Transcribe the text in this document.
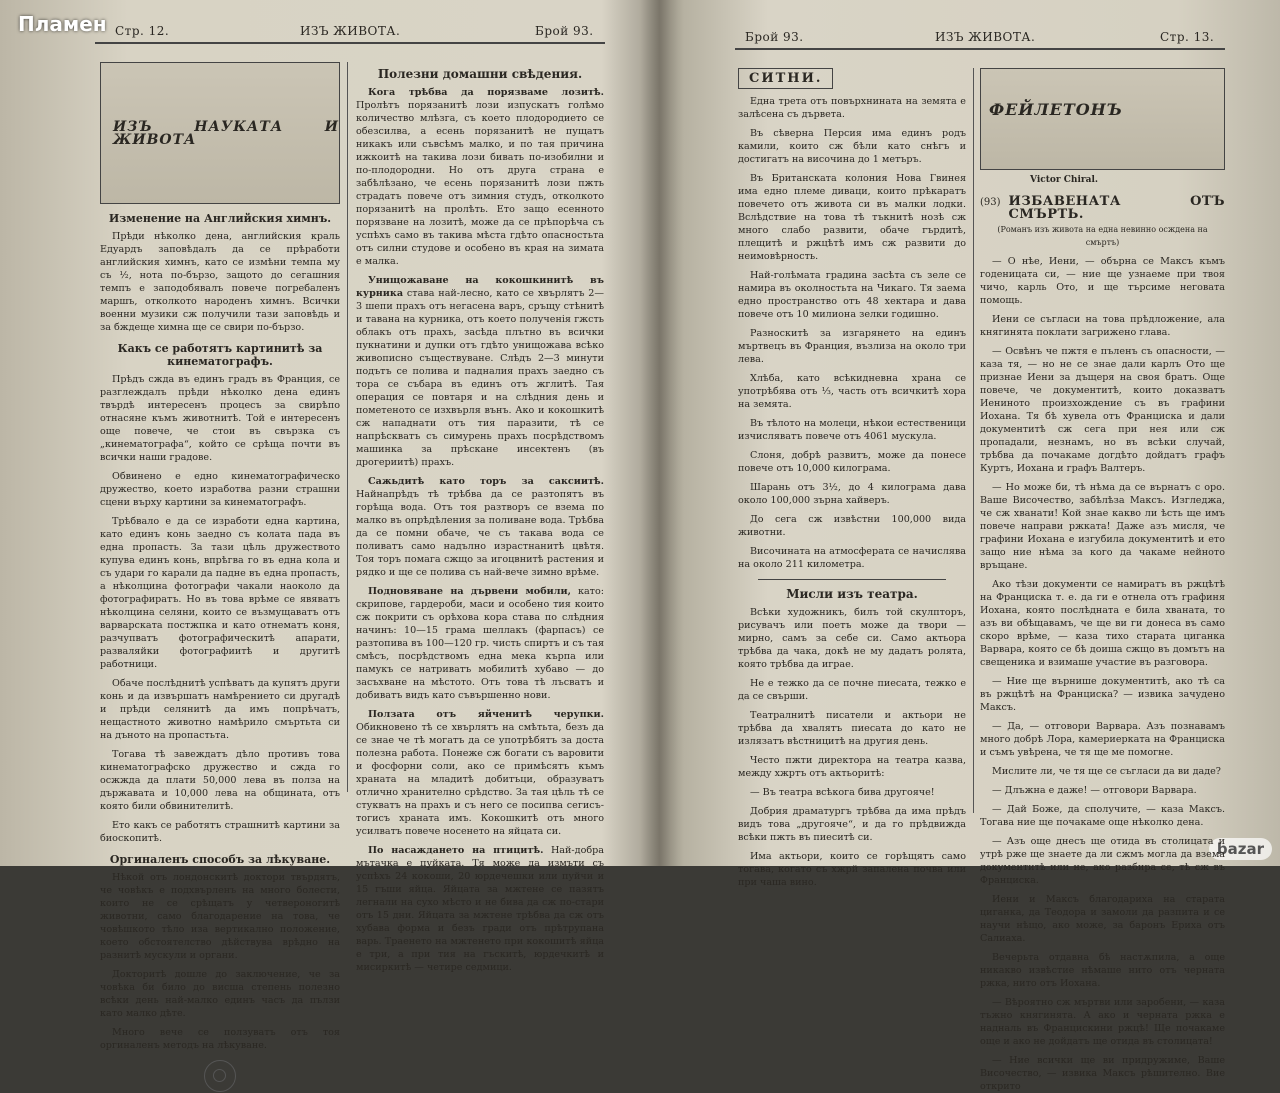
Пламен
bazar
Стр. 12.	ИЗЪ ЖИВОТА.	Брой 93.	Брой 93.	ИЗЪ ЖИВОТА.	Стр. 13.
ИЗЪ НАУКАТА И ЖИВОТА
Изменение на Английския химнъ.

Прѣди нѣколко дена, английския краль Едуардъ заповѣдалъ да се прѣработи английския химнъ, като се измѣни темпа му съ ½, нота по-бързо, защото до сегашния темпъ е заподобявалъ повече погребаленъ маршъ, отколкото народенъ химнъ. Всички военни музики сж получили тази заповѣдь и за бждеще химна ще се свири по-бързо.

Какъ се работятъ картинитѣ за кинематографъ.

Прѣдъ сжда въ единъ градъ въ Франция, се разглеждалъ прѣди нѣколко дена единъ твърдѣ интересенъ процесъ за свирѣпо отнасяне къмъ животнитѣ. Той е интересенъ още повече, че стои въ свързка съ „кинематографа“, който се срѣща почти въ всички наши градове.

Обвинено е едно кинематографическо дружество, което изработва разни страшни сцени върху картини за кинематографъ.

Трѣбвало е да се изработи една картина, като единъ конь заедно съ колата пада въ една пропасть. За тази цѣль дружеството купува единъ конь, впрѣгва го въ една кола и съ удари го карали да падне въ една пропасть, а нѣколцина фотографи чакали наоколо да фотографиратъ. Но въ това врѣме се явяватъ нѣколцина селяни, които се възмущаватъ отъ варварската постжпка и като отнематъ коня, разчупватъ фотографическитѣ апарати, разваляйки фотографиитѣ и другитѣ работници.

Обаче послѣднитѣ успѣватъ да купятъ други конь и да извършатъ намѣрението си другадѣ и прѣди селянитѣ да имъ попрѣчатъ, нещастното животно намѣрило смъртьта си на дъното на пропастьта.

Тогава тѣ завеждатъ дѣло противъ това кинематографско дружество и сжда го осжжда да плати 50,000 лева въ полза на държавата и 10,000 лева на общината, отъ която били обвинителитѣ.

Ето какъ се работятъ страшнитѣ картини за биоскопитѣ.

Оргиналенъ способъ за лѣкуване.

Нѣкой отъ лондонскитѣ доктори твърдятъ, че човѣкъ е подхвърленъ на много болести, които не се срѣщатъ у четвероногитѣ животни, само благодарение на това, че човѣшкото тѣло иза вертикално положение, което обстоятелство дѣйствува врѣдно на разнитѣ мускули и органи.

Докторитѣ дошле до заключение, че за човѣка би било до висша степень полезно всѣки день най-малко единъ часъ да пълзи като малко дѣте.

Много вече се ползуватъ отъ тоя оргиналенъ методъ на лѣкуване.

Полезни домашни свѣдения.

Кога трѣбва да порязваме лозитѣ. Пролѣтъ порязанитѣ лози изпускатъ голѣмо количество млѣзга, съ което плодородието се обезсилва, а есень порязанитѣ не пущатъ никакъ или съвсѣмъ малко, и по тая причина ижкоитѣ на такива лози бивать по-изобилни и по-плодородни. Но отъ друга страна е забѣлѣзано, че есень порязанитѣ лози пжть страдатъ повече отъ зимния студъ, отколкото порязанитѣ на пролѣть. Ето защо есенното порязване на лозитѣ, може да се прѣпорѣча съ успѣхъ само въ такива мѣста гдѣто опасностьта отъ силни студове и особено въ края на зимата е малка.

Унищожаване на кокошкинитѣ въ курника става най-лесно, като се хвърлятъ 2—3 шепи прахъ отъ негасена варъ, сръщу стѣнитѣ и тавана на курника, отъ което полученія гжсть облакъ отъ прахъ, засѣда плътно въ всички пукнатини и дупки отъ гдѣто унищожава всѣко живописно съществуване. Слѣдъ 2—3 минути подътъ се полива и падналия прахъ заедно съ тора се събара въ единъ отъ жглитѣ. Тая операция се повтаря и на слѣдния день и пометеното се изхвърля вънъ. Ако и кокошкитѣ сж нападнати отъ тия паразити, тѣ се напрѣскватъ съ симурень прахъ посрѣдствомъ машинка за прѣскане инсектенъ (въ дрогериитѣ) прахъ.

Сажьдитѣ като торъ за саксиитѣ. Найнапрѣдъ тѣ трѣбва да се разтопятъ въ горѣща вода. Отъ тоя разтворъ се взема по малко въ опрѣдѣления за поливане вода. Трѣбва да се помни обаче, че съ такава вода се поливатъ само надълно израстнанитѣ цвѣтя. Тоя торъ помага сжщо за игоцвнитѣ растения и рядко и ще се полива съ най-вече зимно врѣме.

Подновяване на дървени мобили, като: скрипове, гардероби, маси и особено тия които сж покрити съ орѣхова кора става по слѣдния начинъ: 10—15 грама шеллакъ (фарпасъ) се разтопива въ 100—120 гр. чисть спиртъ и съ тая смѣсъ, посрѣдствомъ една мека кърпа или памукъ се натриватъ мобилитѣ хубаво — до засъхване на мѣстото. Отъ това тѣ лъсватъ и добиватъ видъ като съвършенно нови.

Ползата отъ яйченитѣ черупки. Обикновено тѣ се хвърлятъ на смѣтьта, безъ да се знае че тѣ могатъ да се употрѣбятъ за доста полезна работа. Понеже сж богати съ варовити и фосфорни соли, ако се примѣсятъ къмъ храната на младитѣ добитъци, образуватъ отлично хранително срѣдство. За тая цѣль тѣ се стукватъ на прахъ и съ него се посипва сегисъ-тогисъ храната имъ. Кокошкитѣ отъ много усилватъ повече носенето на яйцата си.

По насаждането на птицитѣ. Най-добра мътачка е пуйката. Тя може да измъти съ успѣхъ 24 кокоши, 20 юрдечешки или пуйчи и 15 гъши яйца. Яйцата за мжтене се пазятъ легнали на сухо мѣсто и не бива да сж по-стари отъ 15 дни. Яйцата за мжтене трѣбва да сж отъ хубава форма и безъ гради отъ прѣтрупана варь. Траенето на мжтенето при кокошитѣ яйца е три, а при тия на гъскитѣ, юрдечкитѣ и мисиркитѣ — четире седмици.

СИТНИ.

Една трета отъ повърхнината на земята е залѣсена съ дървета.

Въ сѣверна Персия има единъ родъ камили, които сж бѣли като снѣгъ и достигатъ на височина до 1 метъръ.

Въ Британската колония Нова Гвинея има едно племе диваци, които прѣкаратъ повечето отъ живота си въ малки лодки. Вслѣдствие на това тѣ тъкнитѣ нозѣ сж много слабо развити, обаче гърдитѣ, плещитѣ и ржцѣтѣ имъ сж развити до неимовѣрность.

Най-голѣмата градина засѣта съ зеле се намира въ околностьта на Чикаго. Тя заема едно пространство отъ 48 хектара и дава повече отъ 10 милиона зелки годишно.

Разноскитѣ за изгарянето на единъ мъртвецъ въ Франция, възлиза на около три лева.

Хлѣба, като всѣкидневна храна се употрѣбява отъ ⅓, часть отъ всичкитѣ хора на земята.

Въ тѣлото на молеци, нѣкои естественици изчисляватъ повече отъ 4061 мускула.

Слоня, добрѣ развитъ, може да понесе повече отъ 10,000 килограма.

Шарань отъ 3½, до 4 килограма дава около 100,000 зърна хайверъ.

До сега сж извѣстни 100,000 вида животни.

Височината на атмосферата се начислява на около 211 километра.

Мисли изъ театра.

Всѣки художникъ, билъ той скулпторъ, рисувачъ или поетъ може да твори — мирно, самъ за себе си. Само актьора трѣбва да чака, докѣ не му дадатъ ролята, която трѣбва да игрaе.

Не е тежко да се почне пиесата, тежко е да се свърши.

Театралнитѣ писатели и актьори не трѣбва да хвалятъ пиесата до като не излязатъ вѣстницитѣ на другия день.

Често пжти директора на театра казва, между хжртъ отъ актьоритѣ:

— Въ театра всѣкога бива другояче!

Добрия драматургъ трѣбва да има прѣдъ видъ това „другояче“, и да го прѣдвижда всѣки пжть въ пиеситѣ си.

Има актьори, които се горѣщятъ само тогава, когато съ хжрй запалена почва или при чаша вино.

ФЕЙЛЕТОНЪ
Victor Chiral.
(93) ИЗБАВЕНАТА ОТЪ СМЪРТЬ.
(Романъ изъ живота на една невинно осждена на смъртъ)

— О нѣе, Иени, — обърна се Максъ къмъ годеницата си, — ние ще узнаеме при твоя чичо, карль Ото, и ще търсиме неговата помощь.

Иени се съгласи на това прѣдложение, ала княгинята поклати загрижено глава.

— Освѣнъ че пжтя е пъленъ съ опасности, — каза тя, — но не се знае дали карлъ Ото ще признае Иени за дъщеря на своя братъ. Още повече, че документитѣ, които доказватъ Иениното произхождение съ въ графини Иохана. Тя бѣ хувела отъ Франциска и дали документитѣ сж сега при нея или сж пропадали, незнамъ, но въ всѣки случай, трѣбва да почакаме догдѣто дойдатъ графъ Куртъ, Иохана и графъ Валтеръ.

— Но може би, тѣ нѣма да се върнатъ с оро. Ваше Височество, забѣлѣза Максъ. Изгледжа, че сж хванати! Кой знае какво ли ѣсть ще имъ повече направи ржката! Даже азъ мисля, че графини Иохана е изгубила документитѣ и ето защо ние нѣма за кого да чакаме нейното връщане.

Ако тѣзи документи се намиратъ въ ржцѣтѣ на Франциска т. е. да ги е отнела отъ графиня Иохана, която послѣдната е била хваната, то азъ ви обѣщавамъ, че ще ви ги донеса въ само скоро врѣме, — каза тихо старата циганка Варвара, която се бѣ доиша сжщо въ домътъ на свещеника и взимаше участие въ разговора.

— Ние ще върнише документитѣ, ако тѣ са въ ржцѣтѣ на Франциска? — извика зачудено Максъ.

— Да, — отговори Варвара. Азъ познавамъ много добрѣ Лора, камериерката на Франциска и съмъ увѣрена, че тя ще ме помогне.

Мислите ли, че тя ще се съгласи да ви даде?

— Длъжна е даже! — отговори Варвара.

— Дай Боже, да сполучите, — каза Максъ. Тогава ние ще почакаме още нѣколко дена.

— Азъ още днесъ ще отида въ столицата и утрѣ рже ще знаете да ли сжмъ могла да взема документитѣ или не, ако разбира се, тѣ сж въ Франциска.

Иени и Максъ благодариха на старата циганка, да Теодора и замоли да разпита и се научи нѣщо, ако може, за баронъ Ериха отъ Салиаха.

Вечерьта отдавна бѣ настѫпила, а още никакво извѣстие нѣмаше нито отъ черната ржка, нито отъ Иохана.

— Вѣроятно сж мъртви или заробени, — каза тъжно княгинята. А ако и черната ржка е надналь въ Францискини ржцѣ! Ще почакаме още и ако не дойдатъ ще отида въ столицата!

— Ние всички ще ви придружиме, Ваше Височество, — извика Максъ рѣшително. Вие открито
